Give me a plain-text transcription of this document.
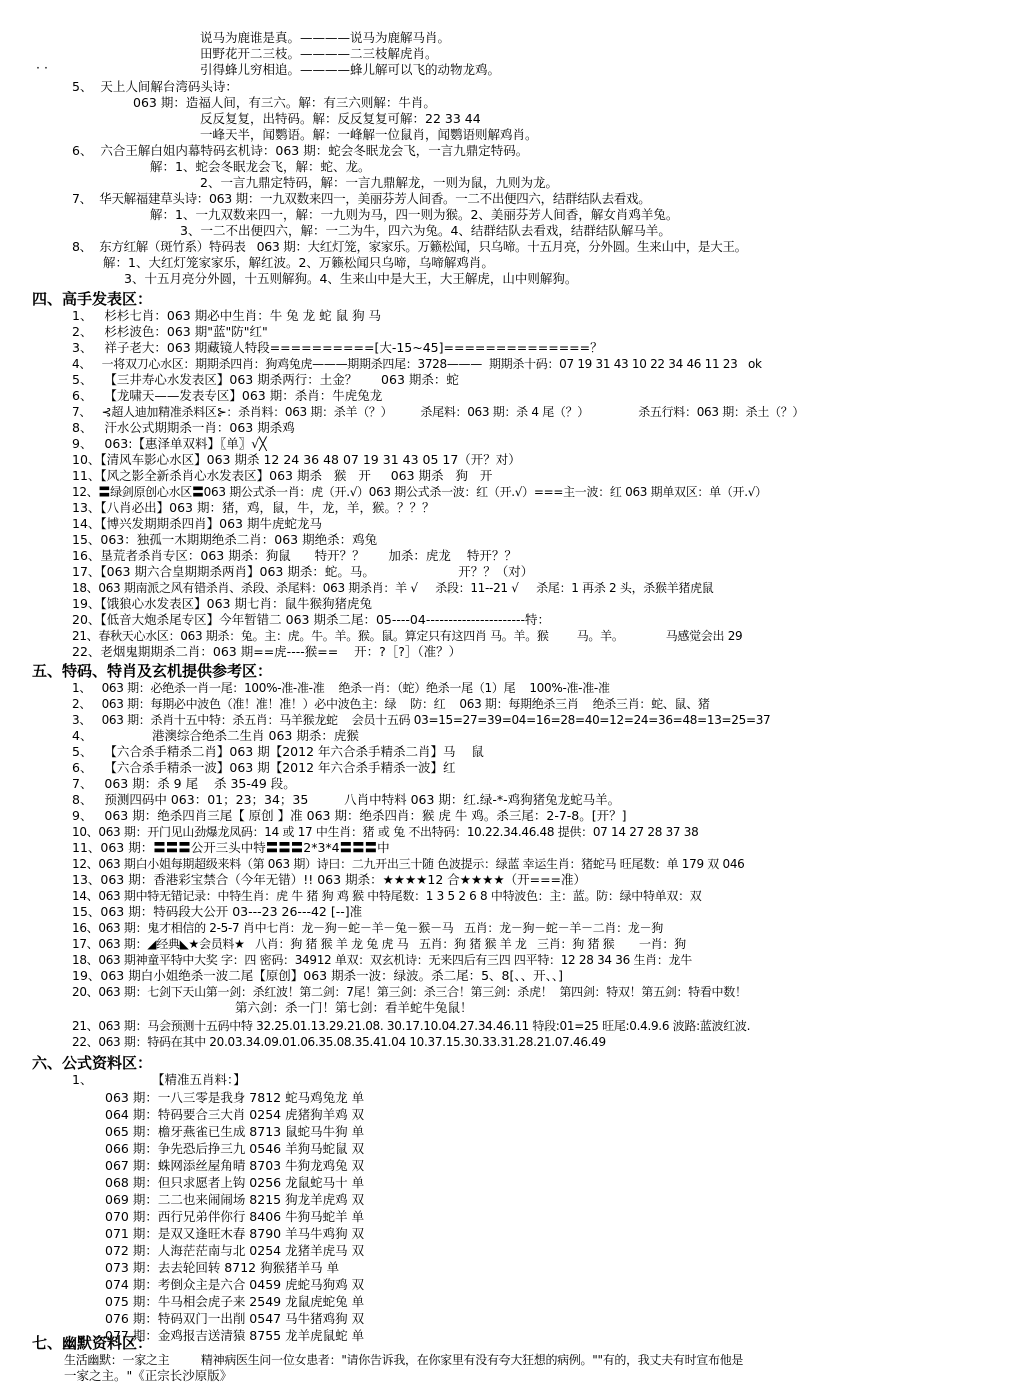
· ·
说马为鹿谁是真。————说马为鹿解马肖。
田野花开二三枝。————二三枝解虎肖。
引得蜂儿穷相追。————蜂儿解可以飞的动物龙鸡。
5、  天上人间解台湾码头诗：
063 期：造福人间，有三六。解：有三六则解：牛肖。
反反复复，出特码。解：反反复复可解：22 33 44
一峰天半，闻鹦语。解：一峰解一位鼠肖，闻鹦语则解鸡肖。
6、  六合王解白姐内幕特码玄机诗：063 期：蛇会冬眠龙会飞，一言九鼎定特码。
解：1、蛇会冬眠龙会飞，解：蛇、龙。
2、一言九鼎定特码，解：一言九鼎解龙，一则为鼠，九则为龙。
7、  华天解福建草头诗：063 期：一九双数来四一，美丽芬芳人间香。一二不出便四六，结群结队去看戏。
解：1、一九双数来四一，解：一九则为马，四一则为猴。2、美丽芬芳人间香，解女肖鸡羊兔。
3、一二不出便四六，解：一二为牛，四六为兔。4、结群结队去看戏，结群结队解马羊。
8、  东方红解（斑竹系）特码表   063 期：大红灯笼，家家乐。万籁松闻，只乌啼。十五月亮，分外圆。生来山中，是大王。
解：1、大红灯笼家家乐，解红波。2、万籁松闻只乌啼，乌啼解鸡肖。
3、十五月亮分外圆，十五则解狗。4、生来山中是大王，大王解虎，山中则解狗。
四、高手发表区：
1、   杉杉七肖：063 期必中生肖：牛 兔 龙 蛇 鼠 狗 马
2、   杉杉波色：063 期"蓝"防"红"
3、   祥子老大：063 期藏镜人特段==========[大-15~45]==============？
4、   一将双刀心水区：期期杀四肖：狗鸡兔虎———期期杀四尾：3728———  期期杀十码：07 19 31 43 10 22 34 46 11 23   ok
5、   【三井寿心水发表区】063 期杀两行：土金？      063 期杀：蛇
6、   【龙啸天——发表专区】063 期：杀肖：牛虎兔龙
7、   ⊰超人迪加精准杀料区⊱：杀肖料：063 期：杀羊（？）        杀尾料：063 期：杀 4 尾（？）              杀五行料：063 期：杀土（？）
8、   汗水公式期期杀一肖：063 期杀鸡
9、   063:【惠泽单双料】〖单〗√╳
10、【清风车影心水区】063 期杀 12 24 36 48 07 19 31 43 05 17（开？对）
11、【风之影全新杀肖心水发表区】063 期杀   猴   开     063 期杀   狗   开
12、〓绿剑原创心水区〓063 期公式杀一肖：虎（开.√）063 期公式杀一波：红（开.√）===主一波：红 063 期单双区：单（开.√）
13、【八肖必出】063 期：猪，鸡，鼠，牛，龙，羊，猴。？？？
14、【博兴发期期杀四肖】063 期牛虎蛇龙马
15、063：独孤一木期期绝杀二肖：063 期绝杀：鸡兔
16、垦荒者杀肖专区：063 期杀：狗鼠      特开？？      加杀：虎龙    特开？？
17、【063 期六合皇期期杀两肖】063 期杀：蛇。马。                     开？？（对）
18、063 期南派之风有错杀肖、杀段、杀尾料：063 期杀肖：羊 √     杀段：11--21 √     杀尾：1 再杀 2 头，杀猴羊猪虎鼠
19、【饿狼心水发表区】063 期七肖：鼠牛猴狗猪虎兔
20、【低音大炮杀尾专区】今年暂错二 063 期杀二尾：05----04----------------------特：
21、春秋天心水区：063 期杀：兔。主：虎。牛。羊。猴。鼠。算定只有这四肖 马。羊。猴        马。羊。            马感觉会出 29
22、老烟鬼期期杀二肖：063 期==虎----猴==    开：?［?］（准？）
五、特码、特肖及玄机提供参考区：
1、   063 期：必绝杀一肖一尾：100%-准-准-准    绝杀一肖：（蛇）绝杀一尾（1）尾    100%-准-准-准
2、   063 期：每期必中波色（准！准！准！）必中波色主：绿    防：红    063 期：每期绝杀三肖    绝杀三肖：蛇、鼠、猪
3、   063 期：杀肖十五中特：杀五肖：马羊猴龙蛇    会员十五码 03=15=27=39=04=16=28=40=12=24=36=48=13=25=37
4、               港澳综合绝杀二生肖 063 期杀：虎猴
5、   【六合杀手精杀二肖】063 期【2012 年六合杀手精杀二肖】马    鼠
6、   【六合杀手精杀一波】063 期【2012 年六合杀手精杀一波】红
7、   063 期：杀 9 尾    杀 35-49 段。
8、   预测四码中 063：01；23；34；35         八肖中特料 063 期：红.绿-*-鸡狗猪兔龙蛇马羊。
9、   063 期：绝杀四肖三尾【 原创 】准 063 期：绝杀四肖：猴 虎 牛 鸡。杀三尾：2-7-8。[开？]
10、063 期：开门见山劲爆龙凤码：14 或 17 中生肖：猪 或 兔 不出特码：10.22.34.46.48 提供：07 14 27 28 37 38
11、063 期：〓〓〓公开三头中特〓〓〓2*3*4〓〓〓中
12、063 期白小姐每期超级来料（第 063 期）诗曰：二九开出三十随 色波提示：绿蓝 幸运生肖：猪蛇马 旺尾数：单 179 双 046
13、063 期：香港彩宝禁合（今年无错）!! 063 期杀：★★★★12 合★★★★（开===准）
14、063 期中特无错记录：中特生肖：虎 牛 猪 狗 鸡 猴 中特尾数：1 3 5 2 6 8 中特波色：主：蓝。防：绿中特单双：双
15、063 期：特码段大公开 03---23 26---42 [--]准
16、063 期：鬼才相信的 2-5-7 肖中七肖：龙－狗－蛇－羊－兔－猴－马   五肖：龙－狗－蛇－羊－二肖：龙－狗
17、063 期：◢经典◣★会员料★   八肖：狗 猪 猴 羊 龙 兔 虎 马   五肖：狗 猪 猴 羊 龙   三肖：狗 猪 猴       一肖：狗
18、063 期神童平特中大奖 字：四 密码：34912 单双：双玄机诗：无来四后有三四 四平特：12 28 34 36 生肖：龙牛
19、063 期白小姐绝杀一波二尾【原创】063 期杀一波：绿波。杀二尾：5、8[、、开、、]
20、063 期：七剑下天山第一剑：杀红波！第二剑：7尾！第三剑：杀三合！第三剑：杀虎！  第四剑：特双！第五剑：特看中数！
第六剑：杀一门！第七剑：看羊蛇牛兔鼠！
21、063 期：马会预测十五码中特 32.25.01.13.29.21.08. 30.17.10.04.27.34.46.11 特段:01=25 旺尾:0.4.9.6 波路:蓝波红波.
22、063 期：特码在其中 20.03.34.09.01.06.35.08.35.41.04 10.37.15.30.33.31.28.21.07.46.49
六、公式资料区：
1、               【精准五肖料：】
063 期：一八三零是我身 7812 蛇马鸡兔龙 单
064 期：特码要合三大肖 0254 虎猪狗羊鸡 双
065 期：檐牙燕雀已生成 8713 鼠蛇马牛狗 单
066 期：争先恐后挣三九 0546 羊狗马蛇鼠 双
067 期：蛛网添丝屋角晴 8703 牛狗龙鸡兔 双
068 期：但只求愿者上钩 0256 龙鼠蛇马十 单
069 期：二二也来闹闹场 8215 狗龙羊虎鸡 双
070 期：西行兄弟伴你行 8406 牛狗马蛇羊 单
071 期：是双又逢旺木春 8790 羊马牛鸡狗 双
072 期：人海茫茫南与北 0254 龙猪羊虎马 双
073 期：去去轮回转 8712 狗猴猪羊马 单
074 期：考倒众主是六合 0459 虎蛇马狗鸡 双
075 期：牛马相会虎子来 2549 龙鼠虎蛇兔 单
076 期：特码双门一出削 0547 马牛猪鸡狗 双
077 期：金鸡报吉送清猿 8755 龙羊虎鼠蛇 单
七、幽默资料区：
生活幽默：一家之主         精神病医生问一位女患者："请你告诉我，在你家里有没有夸大狂想的病例。""有的，我丈夫有时宣布他是
一家之主。"《正宗长沙原版》
